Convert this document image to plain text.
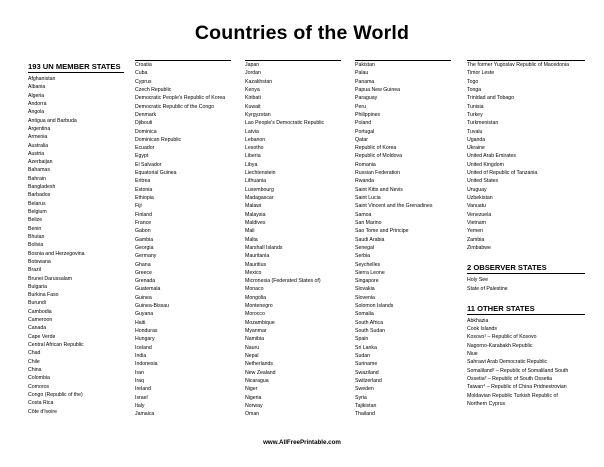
Countries of the World
193 UN MEMBER STATES
Afghanistan
Albania
Algeria
Andorra
Angola
Antigua and Barbuda
Argentina
Armenia
Australia
Austria
Azerbaijan
Bahamas
Bahrain
Bangladesh
Barbados
Belarus
Belgium
Belize
Benin
Bhutan
Bolivia
Bosnia and Herzegovina
Botswana
Brazil
Brunei Darussalam
Bulgaria
Burkina Faso
Burundi
Cambodia
Cameroon
Canada
Cape Verde
Central African Republic
Chad
Chile
China
Colombia
Comoros
Congo (Republic of the)
Costa Rica
Côte d'Ivoire
Croatia
Cuba
Cyprus
Czech Republic
Democratic People's Republic of Korea
Democratic Republic of the Congo
Denmark
Djibouti
Dominica
Dominican Republic
Ecuador
Egypt
El Salvador
Equatorial Guinea
Eritrea
Estonia
Ethiopia
Fiji
Finland
France
Gabon
Gambia
Georgia
Germany
Ghana
Greece
Grenada
Guatemala
Guinea
Guinea-Bissau
Guyana
Haiti
Honduras
Hungary
Iceland
India
Indonesia
Iran
Iraq
Ireland
Israel
Italy
Jamaica
Japan
Jordan
Kazakhstan
Kenya
Kiribati
Kuwait
Kyrgyzstan
Lao People's Democratic Republic
Latvia
Lebanon
Lesotho
Liberia
Libya
Liechtenstein
Lithuania
Luxembourg
Madagascar
Malawi
Malaysia
Maldives
Mali
Malta
Marshall Islands
Mauritania
Mauritius
Mexico
Micronesia (Federated States of)
Monaco
Mongolia
Montenegro
Morocco
Mozambique
Myanmar
Namibia
Nauru
Nepal
Netherlands
New Zealand
Nicaragua
Niger
Nigeria
Norway
Oman
Pakistan
Palau
Panama
Papua New Guinea
Paraguay
Peru
Philippines
Poland
Portugal
Qatar
Republic of Korea
Republic of Moldova
Romania
Russian Federation
Rwanda
Saint Kitts and Nevis
Saint Lucia
Saint Vincent and the Grenadines
Samoa
San Marino
Sao Tome and Principe
Saudi Arabia
Senegal
Serbia
Seychelles
Sierra Leone
Singapore
Slovakia
Slovenia
Solomon Islands
Somalia
South Africa
South Sudan
Spain
Sri Lanka
Sudan
Suriname
Swaziland
Switzerland
Sweden
Syria
Tajikistan
Thailand
The former Yugoslav Republic of Macedonia
Timor Leste
Togo
Tonga
Trinidad and Tobago
Tunisia
Turkey
Turkmenistan
Tuvalu
Uganda
Ukraine
United Arab Emirates
United Kingdom
United of Republic of Tanzania
United States
Uruguay
Uzbekistan
Vanuatu
Venezuela
Vietnam
Yemen
Zambia
Zimbabwe
2 OBSERVER STATES
Holy See
State of Palestine
11 OTHER STATES
Abkhazia
Cook Islands
Kosovo¹ – Republic of Kosovo
Nagorno-Karabakh Republic
Niue
Sahrawi Arab Democratic Republic
Somaliland² – Republic of Somaliland South
Ossetia³ – Republic of South Ossetia
Taiwan⁴ – Republic of China Pridnestrovian
Moldavian Republic Turkish Republic of
Northern Cyprus
www.AllFreePrintable.com
